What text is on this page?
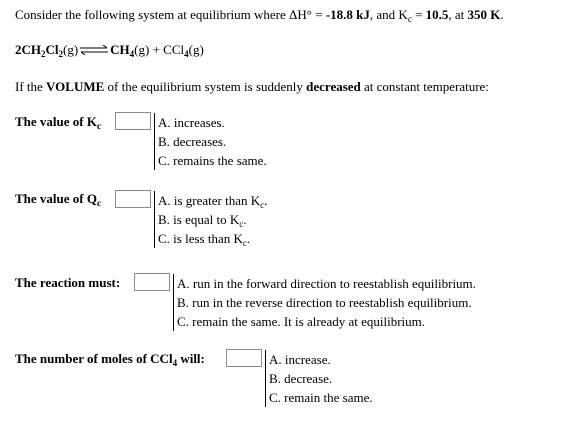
Consider the following system at equilibrium where ΔH° = -18.8 kJ, and $K_c = 10.5$, at 350 K.
$2CH_2Cl_2(g)\rightleftharpoons CH_4(g) + CCl_4(g)$
If the VOLUME of the equilibrium system is suddenly decreased at constant temperature:
The value of $K_c$	A. increases.
B. decreases.
C. remains the same.
The value of $Q_c$	A. is greater than $K_c$.
B. is equal to $K_c$.
C. is less than $K_c$.
The reaction must:	A. run in the forward direction to reestablish equilibrium.
B. run in the reverse direction to reestablish equilibrium.
C. remain the same. It is already at equilibrium.
The number of moles of CCl$_4$ will:	A. increase.
B. decrease.
C. remain the same.
